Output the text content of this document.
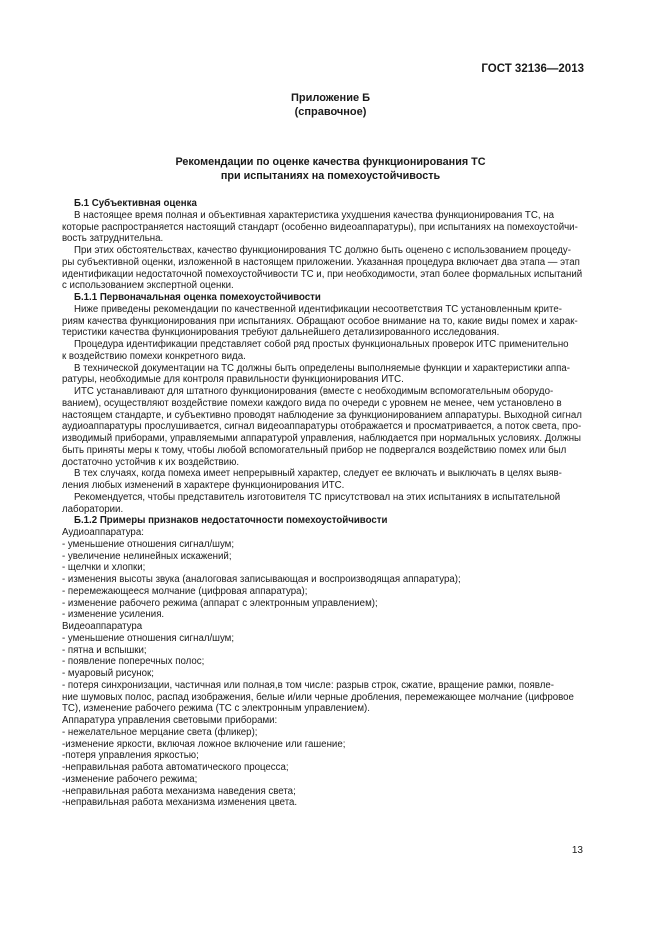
ГОСТ 32136—2013
Приложение Б
(справочное)
Рекомендации по оценке качества функционирования ТС
при испытаниях на помехоустойчивость

Б.1 Субъективная оценка

В настоящее время полная и объективная характеристика ухудшения качества функционирования ТС, на

которые распространяется настоящий стандарт (особенно видеоаппаратуры), при испытаниях на помехоустойчи-

вость затруднительна.

При этих обстоятельствах, качество функционирования ТС должно быть оценено с использованием процеду-

ры субъективной оценки, изложенной в настоящем приложении. Указанная процедура включает два этапа — этап

идентификации недостаточной помехоустойчивости ТС и, при необходимости, этап более формальных испытаний

с использованием экспертной оценки.

Б.1.1 Первоначальная оценка помехоустойчивости

Ниже приведены рекомендации по качественной идентификации несоответствия ТС установленным крите-

риям качества функционирования при испытаниях. Обращают особое внимание на то, какие виды помех и харак-

теристики качества функционирования требуют дальнейшего детализированного исследования.

Процедура идентификации представляет собой ряд простых функциональных проверок ИТС применительно

к воздействию помехи конкретного вида.

В технической документации на ТС должны быть определены выполняемые функции и характеристики аппа-

ратуры, необходимые для контроля правильности функционирования ИТС.

ИТС устанавливают для штатного функционирования (вместе с необходимым вспомогательным оборудо-

ванием), осуществляют воздействие помехи каждого вида по очереди с уровнем не менее, чем установлено в

настоящем стандарте, и субъективно проводят наблюдение за функционированием аппаратуры. Выходной сигнал

аудиоаппаратуры прослушивается, сигнал видеоаппаратуры отображается и просматривается, а поток света, про-

изводимый приборами, управляемыми аппаратурой управления, наблюдается при нормальных условиях. Должны

быть приняты меры к тому, чтобы любой вспомогательный прибор не подвергался воздействию помех или был

достаточно устойчив к их воздействию.

В тех случаях, когда помеха имеет непрерывный характер, следует ее включать и выключать в целях выяв-

ления любых изменений в характере функционирования ИТС.

Рекомендуется, чтобы представитель изготовителя ТС присутствовал на этих испытаниях в испытательной

лаборатории.

Б.1.2 Примеры признаков недостаточности помехоустойчивости

Аудиоаппаратура:

- уменьшение отношения сигнал/шум;

- увеличение нелинейных искажений;

- щелчки и хлопки;

- изменения высоты звука (аналоговая записывающая и воспроизводящая аппаратура);

- перемежающееся молчание (цифровая аппаратура);

- изменение рабочего режима (аппарат с электронным управлением);

- изменение усиления.

Видеоаппаратура

- уменьшение отношения сигнал/шум;

- пятна и вспышки;

- появление поперечных полос;

- муаровый рисунок;

- потеря синхронизации, частичная или полная,в том числе: разрыв строк, сжатие, вращение рамки, появле-

ние шумовых полос, распад изображения, белые и/или черные дробления, перемежающее молчание (цифровое

ТС), изменение рабочего режима (ТС с электронным управлением).

Аппаратура управления световыми приборами:

- нежелательное мерцание света (фликер);

-изменение яркости, включая ложное включение или гашение;

-потеря управления яркостью;

-неправильная работа автоматического процесса;

-изменение рабочего режима;

-неправильная работа механизма наведения света;

-неправильная работа механизма изменения цвета.

13
